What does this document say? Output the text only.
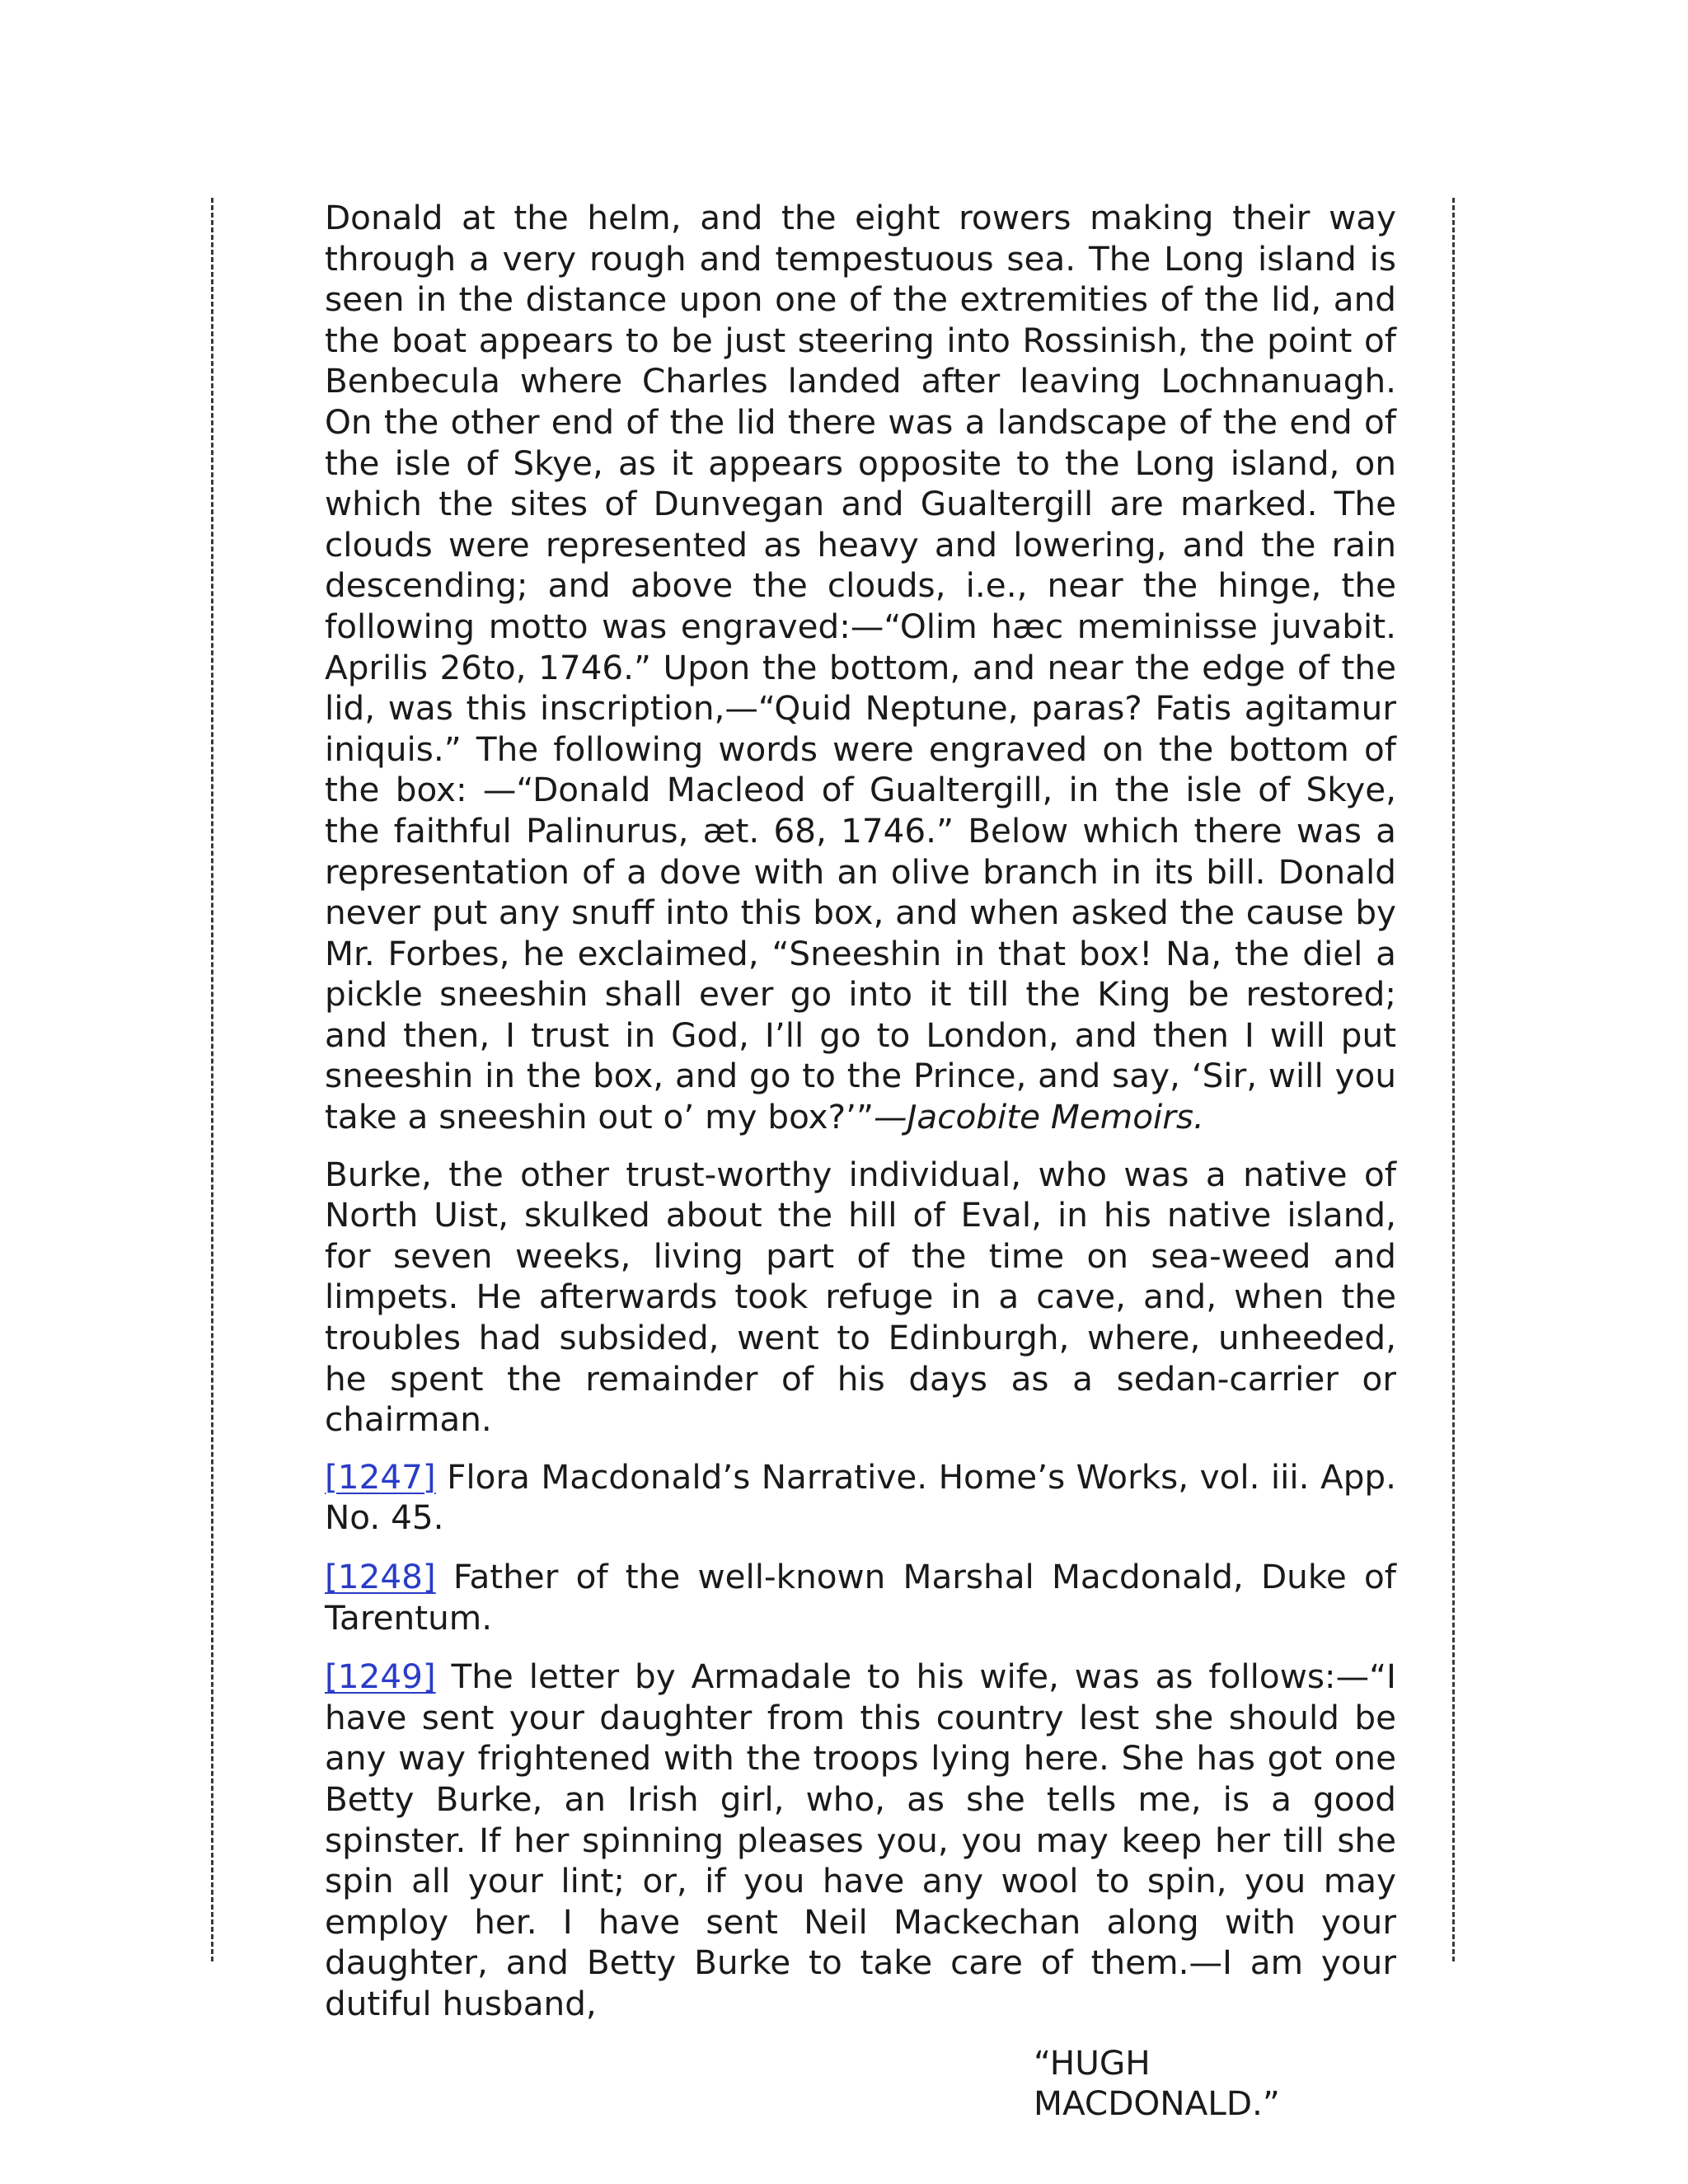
Donald at the helm, and the eight rowers making their way through a very rough and tempestuous sea. The Long island is seen in the distance upon one of the extremities of the lid, and the boat appears to be just steering into Rossinish, the point of Benbecula where Charles landed after leaving Lochnanuagh. On the other end of the lid there was a landscape of the end of the isle of Skye, as it appears opposite to the Long island, on which the sites of Dunvegan and Gualtergill are marked. The clouds were represented as heavy and lowering, and the rain descending; and above the clouds, i.e., near the hinge, the following motto was engraved:—“Olim hæc meminisse juvabit. Aprilis 26to, 1746.” Upon the bottom, and near the edge of the lid, was this inscription,—“Quid Neptune, paras? Fatis agitamur iniquis.” The following words were engraved on the bottom of the box: —“Donald Macleod of Gualtergill, in the isle of Skye, the faithful Palinurus, æt. 68, 1746.” Below which there was a representation of a dove with an olive branch in its bill. Donald never put any snuff into this box, and when asked the cause by Mr. Forbes, he exclaimed, “Sneeshin in that box! Na, the diel a pickle sneeshin shall ever go into it till the King be restored; and then, I trust in God, I’ll go to London, and then I will put sneeshin in the box, and go to the Prince, and say, ‘Sir, will you take a sneeshin out o’ my box?’”—Jacobite Memoirs.

Burke, the other trust-worthy individual, who was a native of North Uist, skulked about the hill of Eval, in his native island, for seven weeks, living part of the time on sea-weed and limpets. He afterwards took refuge in a cave, and, when the troubles had subsided, went to Edinburgh, where, unheeded, he spent the remainder of his days as a sedan-carrier or chairman.

[1247] Flora Macdonald’s Narrative. Home’s Works, vol. iii. App. No. 45.

[1248] Father of the well-known Marshal Macdonald, Duke of Tarentum.

[1249] The letter by Armadale to his wife, was as follows:—“I have sent your daughter from this country lest she should be any way frightened with the troops lying here. She has got one Betty Burke, an Irish girl, who, as she tells me, is a good spinster. If her spinning pleases you, you may keep her till she spin all your lint; or, if you have any wool to spin, you may employ her. I have sent Neil Mackechan along with your daughter, and Betty Burke to take care of them.—I am your dutiful husband,

“HUGH MACDONALD.”
